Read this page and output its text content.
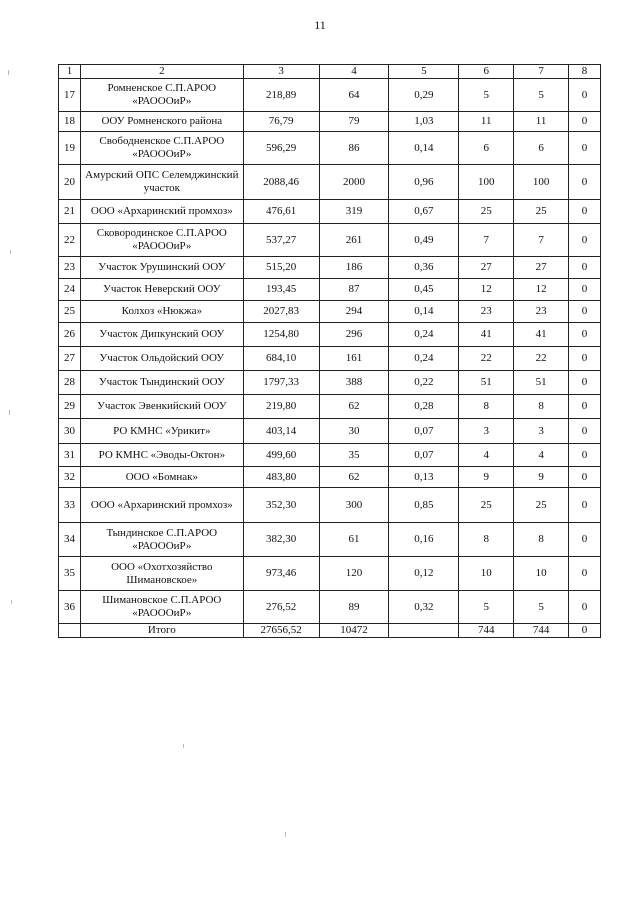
11
1	2	3	4	5	6	7	8
17	Ромненское С.П.АРОО «РАОООиР»	218,89	64	0,29	5	5	0
18	ООУ Ромненского района	76,79	79	1,03	11	11	0
19	Свободненское С.П.АРОО «РАОООиР»	596,29	86	0,14	6	6	0
20	Амурский ОПС Селемджинский участок	2088,46	2000	0,96	100	100	0
21	ООО «Архаринский промхоз»	476,61	319	0,67	25	25	0
22	Сковородинское С.П.АРОО «РАОООиР»	537,27	261	0,49	7	7	0
23	Участок Урушинский ООУ	515,20	186	0,36	27	27	0
24	Участок Неверский ООУ	193,45	87	0,45	12	12	0
25	Колхоз «Нюкжа»	2027,83	294	0,14	23	23	0
26	Участок Дипкунский ООУ	1254,80	296	0,24	41	41	0
27	Участок Ольдойский ООУ	684,10	161	0,24	22	22	0
28	Участок Тындинский ООУ	1797,33	388	0,22	51	51	0
29	Участок Эвенкийский ООУ	219,80	62	0,28	8	8	0
30	РО КМНС «Урикит»	403,14	30	0,07	3	3	0
31	РО КМНС «Эводы-Октон»	499,60	35	0,07	4	4	0
32	ООО «Бомнак»	483,80	62	0,13	9	9	0
33	ООО «Архаринский промхоз»	352,30	300	0,85	25	25	0
34	Тындинское С.П.АРОО «РАОООиР»	382,30	61	0,16	8	8	0
35	ООО «Охотхозяйство Шимановское»	973,46	120	0,12	10	10	0
36	Шимановское С.П.АРОО «РАОООиР»	276,52	89	0,32	5	5	0
	Итого	27656,52	10472		744	744	0
